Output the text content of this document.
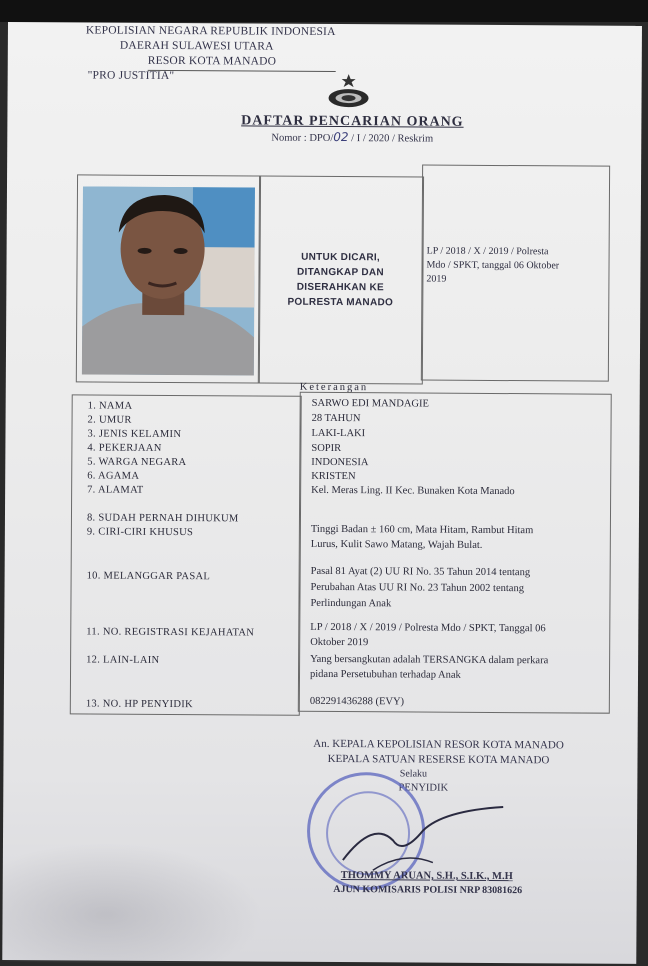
KEPOLISIAN NEGARA REPUBLIK INDONESIA
DAERAH SULAWESI UTARA
RESOR KOTA MANADO
"PRO JUSTITIA"
DAFTAR PENCARIAN ORANG
Nomor : DPO/02 / I / 2020 / Reskrim
UNTUK DICARI,
DITANGKAP DAN
DISERAHKAN KE
POLRESTA MANADO
LP / 2018 / X / 2019 / Polresta
Mdo / SPKT, tanggal 06 Oktober
2019
Keterangan
1. NAMA
2. UMUR
3. JENIS KELAMIN
4. PEKERJAAN
5. WARGA NEGARA
6. AGAMA
7. ALAMAT
8. SUDAH PERNAH DIHUKUM
9. CIRI-CIRI KHUSUS
10. MELANGGAR PASAL
11. NO. REGISTRASI KEJAHATAN
12. LAIN-LAIN
13. NO. HP PENYIDIK
SARWO EDI MANDAGIE
28 TAHUN
LAKI-LAKI
SOPIR
INDONESIA
KRISTEN
Kel. Meras Ling. II Kec. Bunaken Kota Manado
Tinggi Badan ± 160 cm, Mata Hitam, Rambut Hitam
Lurus, Kulit Sawo Matang, Wajah Bulat.
Pasal 81 Ayat (2) UU RI No. 35 Tahun 2014 tentang
Perubahan Atas UU RI No. 23 Tahun 2002 tentang
Perlindungan Anak
LP / 2018 / X / 2019 / Polresta Mdo / SPKT, Tanggal 06
Oktober 2019
Yang bersangkutan adalah TERSANGKA dalam perkara
pidana Persetubuhan terhadap Anak
082291436288 (EVY)
An. KEPALA KEPOLISIAN RESOR KOTA MANADO
KEPALA SATUAN RESERSE KOTA MANADO
Selaku
PENYIDIK
THOMMY ARUAN, S.H., S.I.K., M.H
AJUN KOMISARIS POLISI NRP 83081626
